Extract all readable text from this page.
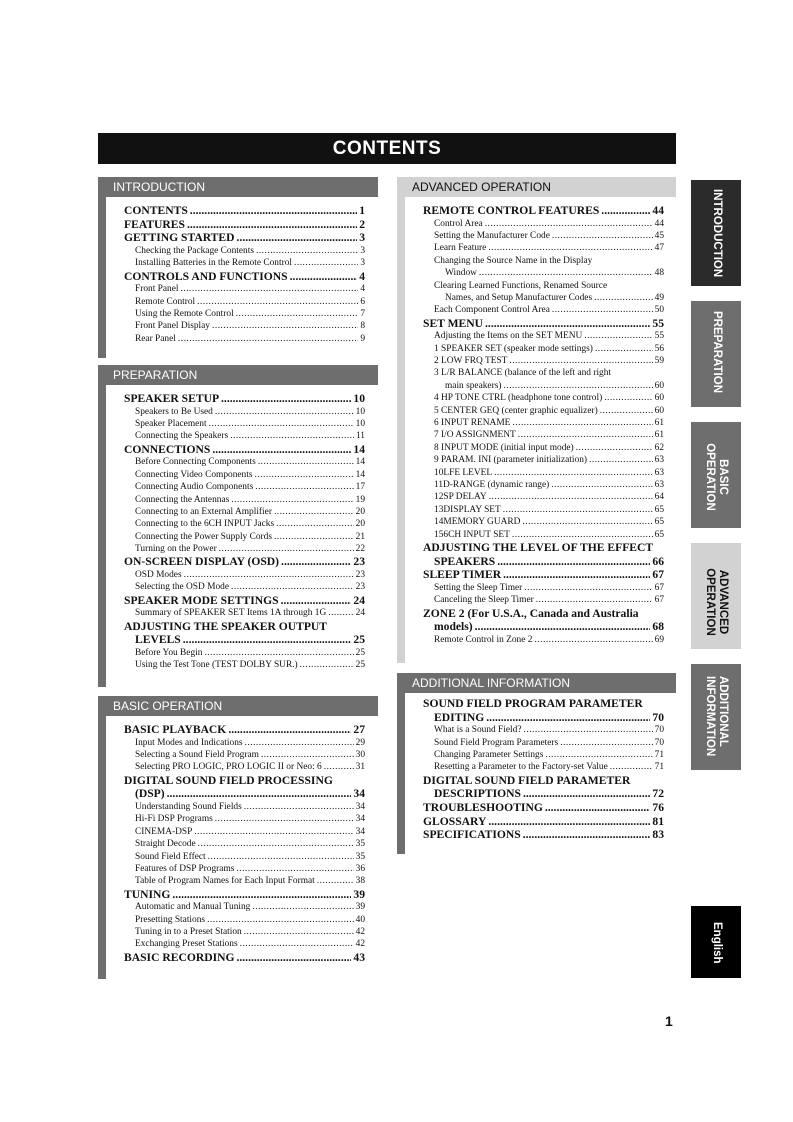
CONTENTS
INTRODUCTION
CONTENTS .....	1
FEATURES .....	2
GETTING STARTED .....	3
Checking the Package Contents .....	3
Installing Batteries in the Remote Control .....	3
CONTROLS AND FUNCTIONS .....	4
Front Panel .....	4
Remote Control .....	6
Using the Remote Control .....	7
Front Panel Display .....	8
Rear Panel .....	9
PREPARATION
SPEAKER SETUP .....	10
Speakers to Be Used .....	10
Speaker Placement .....	10
Connecting the Speakers .....	11
CONNECTIONS .....	14
Before Connecting Components .....	14
Connecting Video Components .....	14
Connecting Audio Components .....	17
Connecting the Antennas .....	19
Connecting to an External Amplifier .....	20
Connecting to the 6CH INPUT Jacks .....	20
Connecting the Power Supply Cords .....	21
Turning on the Power .....	22
ON-SCREEN DISPLAY (OSD) .....	23
OSD Modes .....	23
Selecting the OSD Mode .....	23
SPEAKER MODE SETTINGS .....	24
Summary of SPEAKER SET Items 1A through 1G .....	24
ADJUSTING THE SPEAKER OUTPUT
LEVELS .....	25
Before You Begin .....	25
Using the Test Tone (TEST DOLBY SUR.) .....	25
BASIC OPERATION
BASIC PLAYBACK .....	27
Input Modes and Indications .....	29
Selecting a Sound Field Program .....	30
Selecting PRO LOGIC, PRO LOGIC II or Neo: 6 .....	31
DIGITAL SOUND FIELD PROCESSING
(DSP) .....	34
Understanding Sound Fields .....	34
Hi-Fi DSP Programs .....	34
CINEMA-DSP .....	34
Straight Decode .....	35
Sound Field Effect .....	35
Features of DSP Programs .....	36
Table of Program Names for Each Input Format .....	38
TUNING .....	39
Automatic and Manual Tuning .....	39
Presetting Stations .....	40
Tuning in to a Preset Station .....	42
Exchanging Preset Stations .....	42
BASIC RECORDING .....	43
ADVANCED OPERATION
REMOTE CONTROL FEATURES .....	44
Control Area .....	44
Setting the Manufacturer Code .....	45
Learn Feature .....	47
Changing the Source Name in the Display
Window .....	48
Clearing Learned Functions, Renamed Source
Names, and Setup Manufacturer Codes .....	49
Each Component Control Area .....	50
SET MENU .....	55
Adjusting the Items on the SET MENU .....	55
1 SPEAKER SET (speaker mode settings) .....	56
2 LOW FRQ TEST .....	59
3 L/R BALANCE (balance of the left and right
main speakers) .....	60
4 HP TONE CTRL (headphone tone control) .....	60
5 CENTER GEQ (center graphic equalizer) .....	60
6 INPUT RENAME .....	61
7 I/O ASSIGNMENT .....	61
8 INPUT MODE (initial input mode) .....	62
9 PARAM. INI (parameter initialization) .....	63
10LFE LEVEL .....	63
11D-RANGE (dynamic range) .....	63
12SP DELAY .....	64
13DISPLAY SET .....	65
14MEMORY GUARD .....	65
156CH INPUT SET .....	65
ADJUSTING THE LEVEL OF THE EFFECT
SPEAKERS .....	66
SLEEP TIMER .....	67
Setting the Sleep Timer .....	67
Canceling the Sleep Timer .....	67
ZONE 2 (For U.S.A., Canada and Australia
models) .....	68
Remote Control in Zone 2 .....	69
ADDITIONAL INFORMATION
SOUND FIELD PROGRAM PARAMETER
EDITING .....	70
What is a Sound Field? .....	70
Sound Field Program Parameters .....	70
Changing Parameter Settings .....	71
Resetting a Parameter to the Factory-set Value .....	71
DIGITAL SOUND FIELD PARAMETER
DESCRIPTIONS .....	72
TROUBLESHOOTING .....	76
GLOSSARY .....	81
SPECIFICATIONS .....	83
INTRODUCTION
PREPARATION
BASIC OPERATION
ADVANCED OPERATION
ADDITIONAL INFORMATION
English
1
